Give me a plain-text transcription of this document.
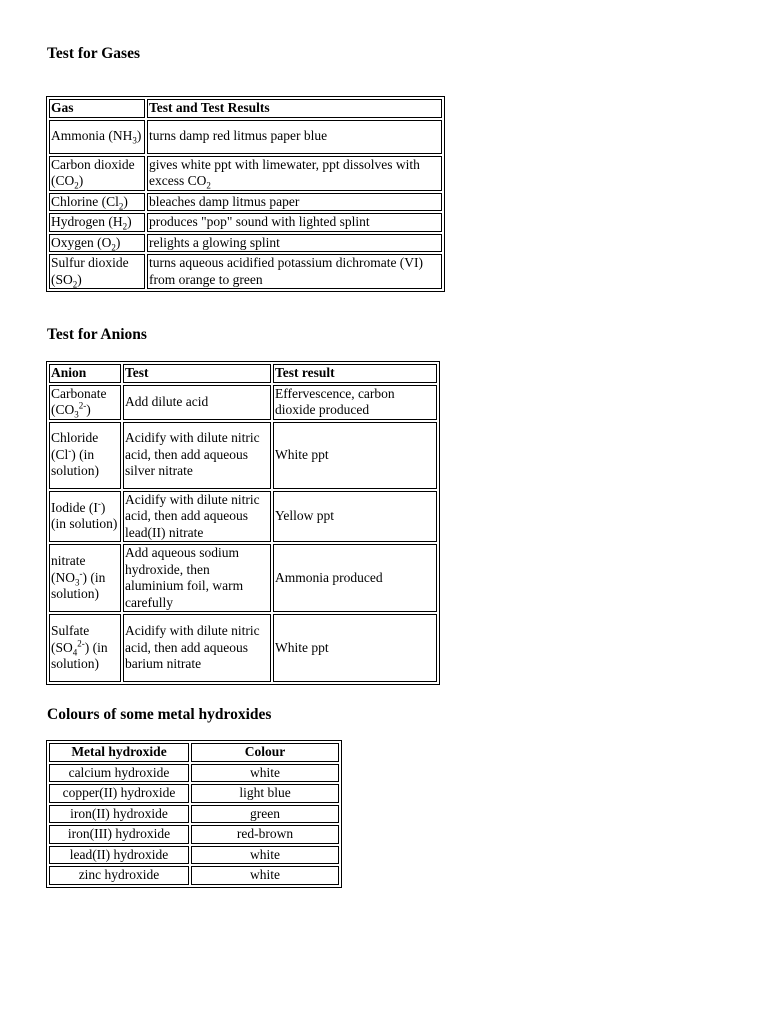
Test for Gases
Gas	Test and Test Results
Ammonia $(NH_3)$	turns damp red litmus paper blue
Carbon dioxide $(CO_2)$	gives white ppt with limewater, ppt dissolves with excess $CO_2$
Chlorine $(Cl_2)$	bleaches damp litmus paper
Hydrogen $(H_2)$	produces "pop" sound with lighted splint
Oxygen $(O_2)$	relights a glowing splint
Sulfur dioxide $(SO_2)$	turns aqueous acidified potassium dichromate (VI) from orange to green
Test for Anions
Anion	Test	Test result
Carbonate $(CO_3^{2-})$	Add dilute acid	Effervescence, carbon dioxide produced
Chloride (Cl-) (in solution)	Acidify with dilute nitric acid, then add aqueous silver nitrate	White ppt
Iodide (I-) (in solution)	Acidify with dilute nitric acid, then add aqueous lead(II) nitrate	Yellow ppt
nitrate $(NO_3^-)$ (in solution)	Add aqueous sodium hydroxide, then aluminium foil, warm carefully	Ammonia produced
Sulfate $(SO_4^{2-})$ (in solution)	Acidify with dilute nitric acid, then add aqueous barium nitrate	White ppt
Colours of some metal hydroxides
Metal hydroxide	Colour
calcium hydroxide	white
copper(II) hydroxide	light blue
iron(II) hydroxide	green
iron(III) hydroxide	red-brown
lead(II) hydroxide	white
zinc hydroxide	white
